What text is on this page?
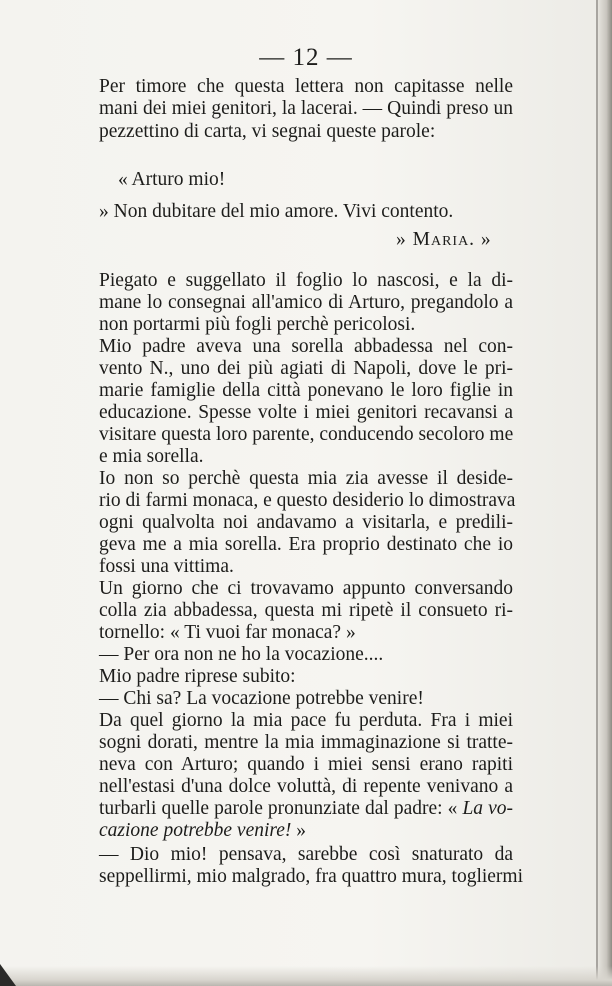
— 12 —

Per timore che questa lettera non capitasse nelle

mani dei miei genitori, la lacerai. — Quindi preso un

pezzettino di carta, vi segnai queste parole:

« Arturo mio!

» Non dubitare del mio amore. Vivi contento.

» Maria. »

Piegato e suggellato il foglio lo nascosi, e la di-

mane lo consegnai all'amico di Arturo, pregandolo a

non portarmi più fogli perchè pericolosi.

Mio padre aveva una sorella abbadessa nel con-

vento N., uno dei più agiati di Napoli, dove le pri-

marie famiglie della città ponevano le loro figlie in

educazione. Spesse volte i miei genitori recavansi a

visitare questa loro parente, conducendo secoloro me

e mia sorella.

Io non so perchè questa mia zia avesse il deside-

rio di farmi monaca, e questo desiderio lo dimostrava

ogni qualvolta noi andavamo a visitarla, e predili-

geva me a mia sorella. Era proprio destinato che io

fossi una vittima.

Un giorno che ci trovavamo appunto conversando

colla zia abbadessa, questa mi ripetè il consueto ri-

tornello: « Ti vuoi far monaca? »

— Per ora non ne ho la vocazione....

Mio padre riprese subito:

— Chi sa? La vocazione potrebbe venire!

Da quel giorno la mia pace fu perduta. Fra i miei

sogni dorati, mentre la mia immaginazione si tratte-

neva con Arturo; quando i miei sensi erano rapiti

nell'estasi d'una dolce voluttà, di repente venivano a

turbarli quelle parole pronunziate dal padre: « La vo-

cazione potrebbe venire! »

— Dio mio! pensava, sarebbe così snaturato da

seppellirmi, mio malgrado, fra quattro mura, togliermi
